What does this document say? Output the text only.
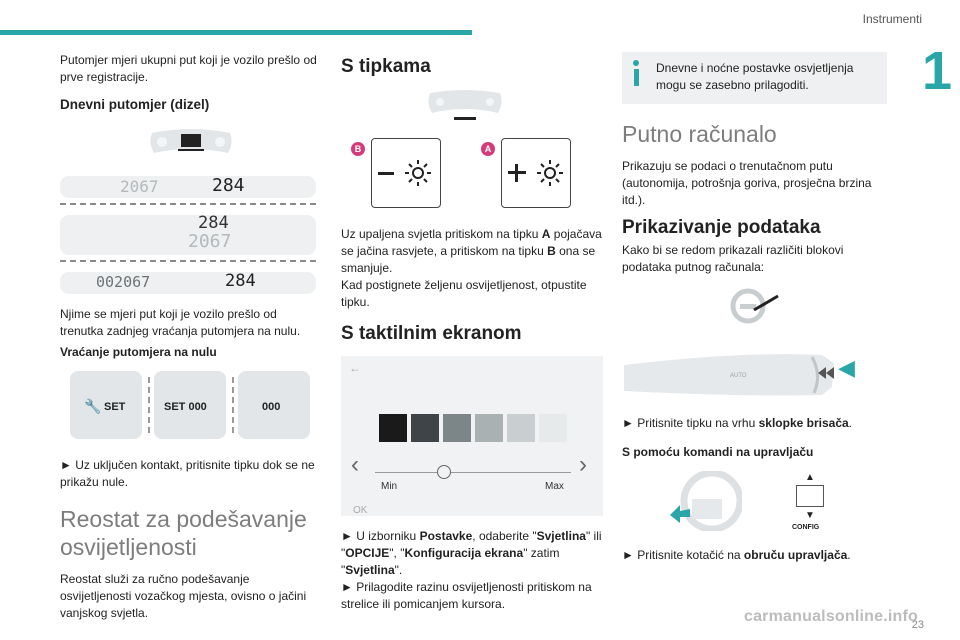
Instrumenti
1

Putomjer mjeri ukupni put koji je vozilo prešlo od prve registracije.

Dnevni putomjer (dizel)
2067	284
284
2067
002067	284

Njime se mjeri put koji je vozilo prešlo od trenutka zadnjeg vraćanja putomjera na nulu.

Vraćanje putomjera na nulu

🔧 SET	SET 000	000

► Uz uključen kontakt, pritisnite tipku dok se ne prikažu nule.

Reostat za podešavanje osvijetljenosti

Reostat služi za ručno podešavanje osvijetljenosti vozačkog mjesta, ovisno o jačini vanjskog svjetla.

S tipkama
B	A

Uz upaljena svjetla pritiskom na tipku A pojačava se jačina rasvjete, a pritiskom na tipku B ona se smanjuje.
Kad postignete željenu osvijetljenost, otpustite tipku.

S taktilnim ekranom
←
‹	›
Min	Max
OK

► U izborniku Postavke, odaberite "Svjetlina" ili "OPCIJE", "Konfiguracija ekrana" zatim "Svjetlina".
► Prilagodite razinu osvijetljenosti pritiskom na strelice ili pomicanjem kursora.

Dnevne i noćne postavke osvjetljenja mogu se zasebno prilagoditi.
Putno računalo

Prikazuju se podaci o trenutačnom putu (autonomija, potrošnja goriva, prosječna brzina itd.).

Prikazivanje podataka

Kako bi se redom prikazali različiti blokovi podataka putnog računala:

AUTO	◀

► Pritisnite tipku na vrhu sklopke brisača.

S pomoću komandi na upravljaču
▲
▼
CONFIG

► Pritisnite kotačić na obruču upravljača.

carmanualsonline.info
23
